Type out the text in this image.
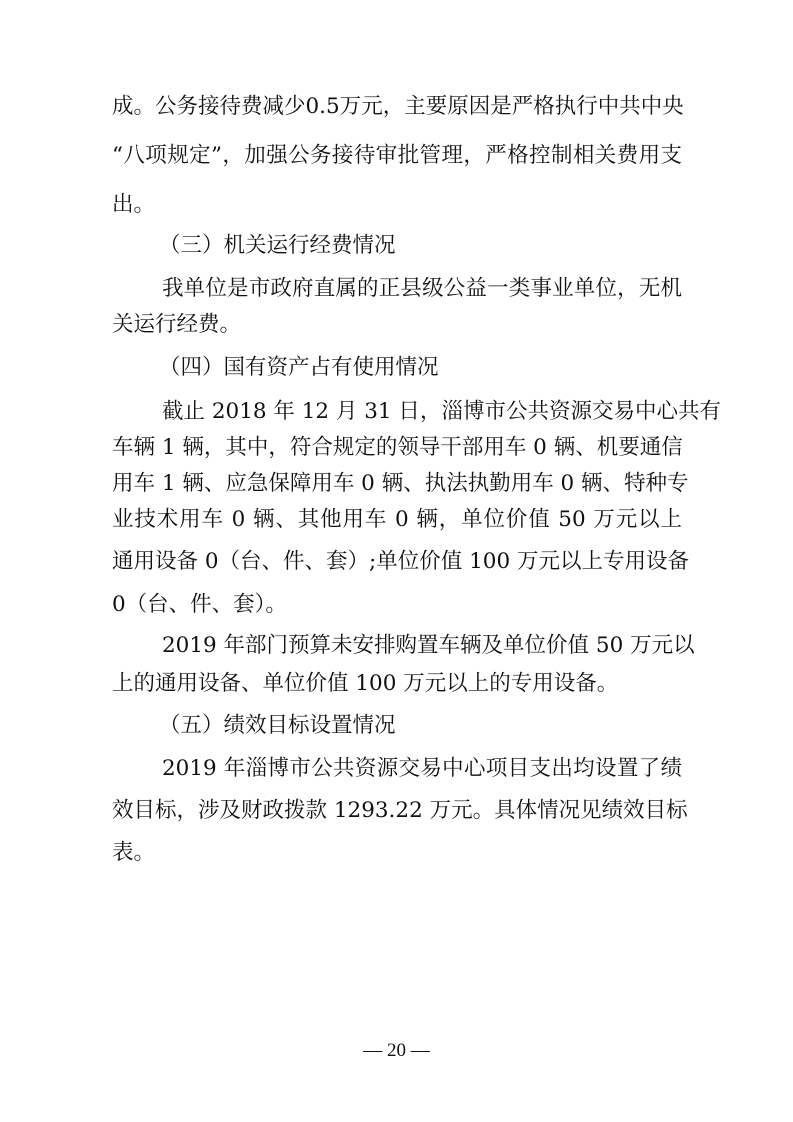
成。公务接待费减少0.5万元，主要原因是严格执行中共中央
“八项规定”，加强公务接待审批管理，严格控制相关费用支
出。
（三）机关运行经费情况
我单位是市政府直属的正县级公益一类事业单位，无机
关运行经费。
（四）国有资产占有使用情况
截止 2018 年 12 月 31 日，淄博市公共资源交易中心共有
车辆 1 辆，其中，符合规定的领导干部用车 0 辆、机要通信
用车 1 辆、应急保障用车 0 辆、执法执勤用车 0 辆、特种专
业技术用车 0 辆、其他用车 0 辆，单位价值 50 万元以上
通用设备 0（台、件、套）;单位价值 100 万元以上专用设备
0（台、件、套）。
2019 年部门预算未安排购置车辆及单位价值 50 万元以
上的通用设备、单位价值 100 万元以上的专用设备。
（五）绩效目标设置情况
2019 年淄博市公共资源交易中心项目支出均设置了绩
效目标，涉及财政拨款 1293.22 万元。具体情况见绩效目标
表。
— 20 —
